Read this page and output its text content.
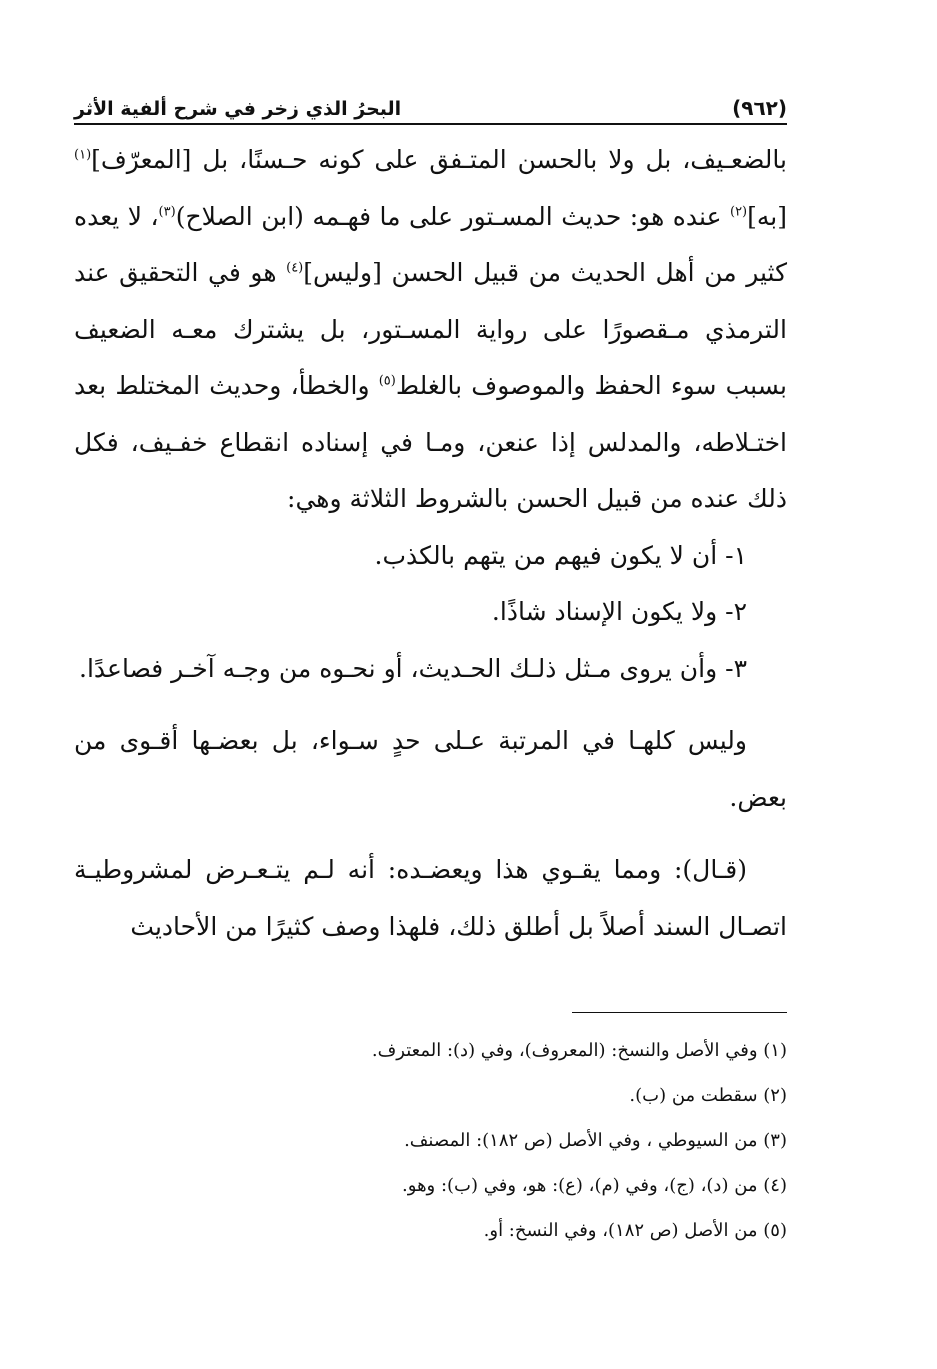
(٩٦٢)
البحرُ الذي زخر في شرح ألفية الأثر

بالضعـيف، بل ولا بالحسن المتـفق على كونه حـسنًا، بل [المعرّف]$^{(١)}$ [به]$^{(٢)}$ عنده هو: حديث المسـتور على ما فهـمه (ابن الصلاح)$^{(٣)}$، لا يعده كثير من أهل الحديث من قبيل الحسن [وليس]$^{(٤)}$ هو في التحقيق عند الترمذي مـقصورًا على رواية المسـتور، بل يشترك معـه الضعيف بسبب سوء الحفظ والموصوف بالغلط$^{(٥)}$ والخطأ، وحديث المختلط بعد اختـلاطه، والمدلس إذا عنعن، ومـا في إسناده انقطاع خفـيف، فكل ذلك عنده من قبيل الحسن بالشروط الثلاثة وهي:

١- أن لا يكون فيهم من يتهم بالكذب.

٢- ولا يكون الإسناد شاذًا.

٣- وأن يروى مـثل ذلـك الحـديث، أو نحـوه من وجـه آخـر فصاعدًا.

وليس كلهـا في المرتبة عـلى حدٍ سـواء، بل بعضـها أقـوى من بعض.

(قـال): ومما يقـوي هذا ويعضـده: أنه لـم يتـعـرض لمشروطيـة اتصـال السند أصلاً بل أطلق ذلك، فلهذا وصف كثيرًا من الأحاديث

(١) وفي الأصل والنسخ: (المعروف)، وفي (د): المعترف.

(٢) سقطت من (ب).

(٣) من السيوطي ، وفي الأصل (ص ١٨٢): المصنف.

(٤) من (د)، (ج)، وفي (م)، (ع): هو، وفي (ب): وهو.

(٥) من الأصل (ص ١٨٢)، وفي النسخ: أو.
